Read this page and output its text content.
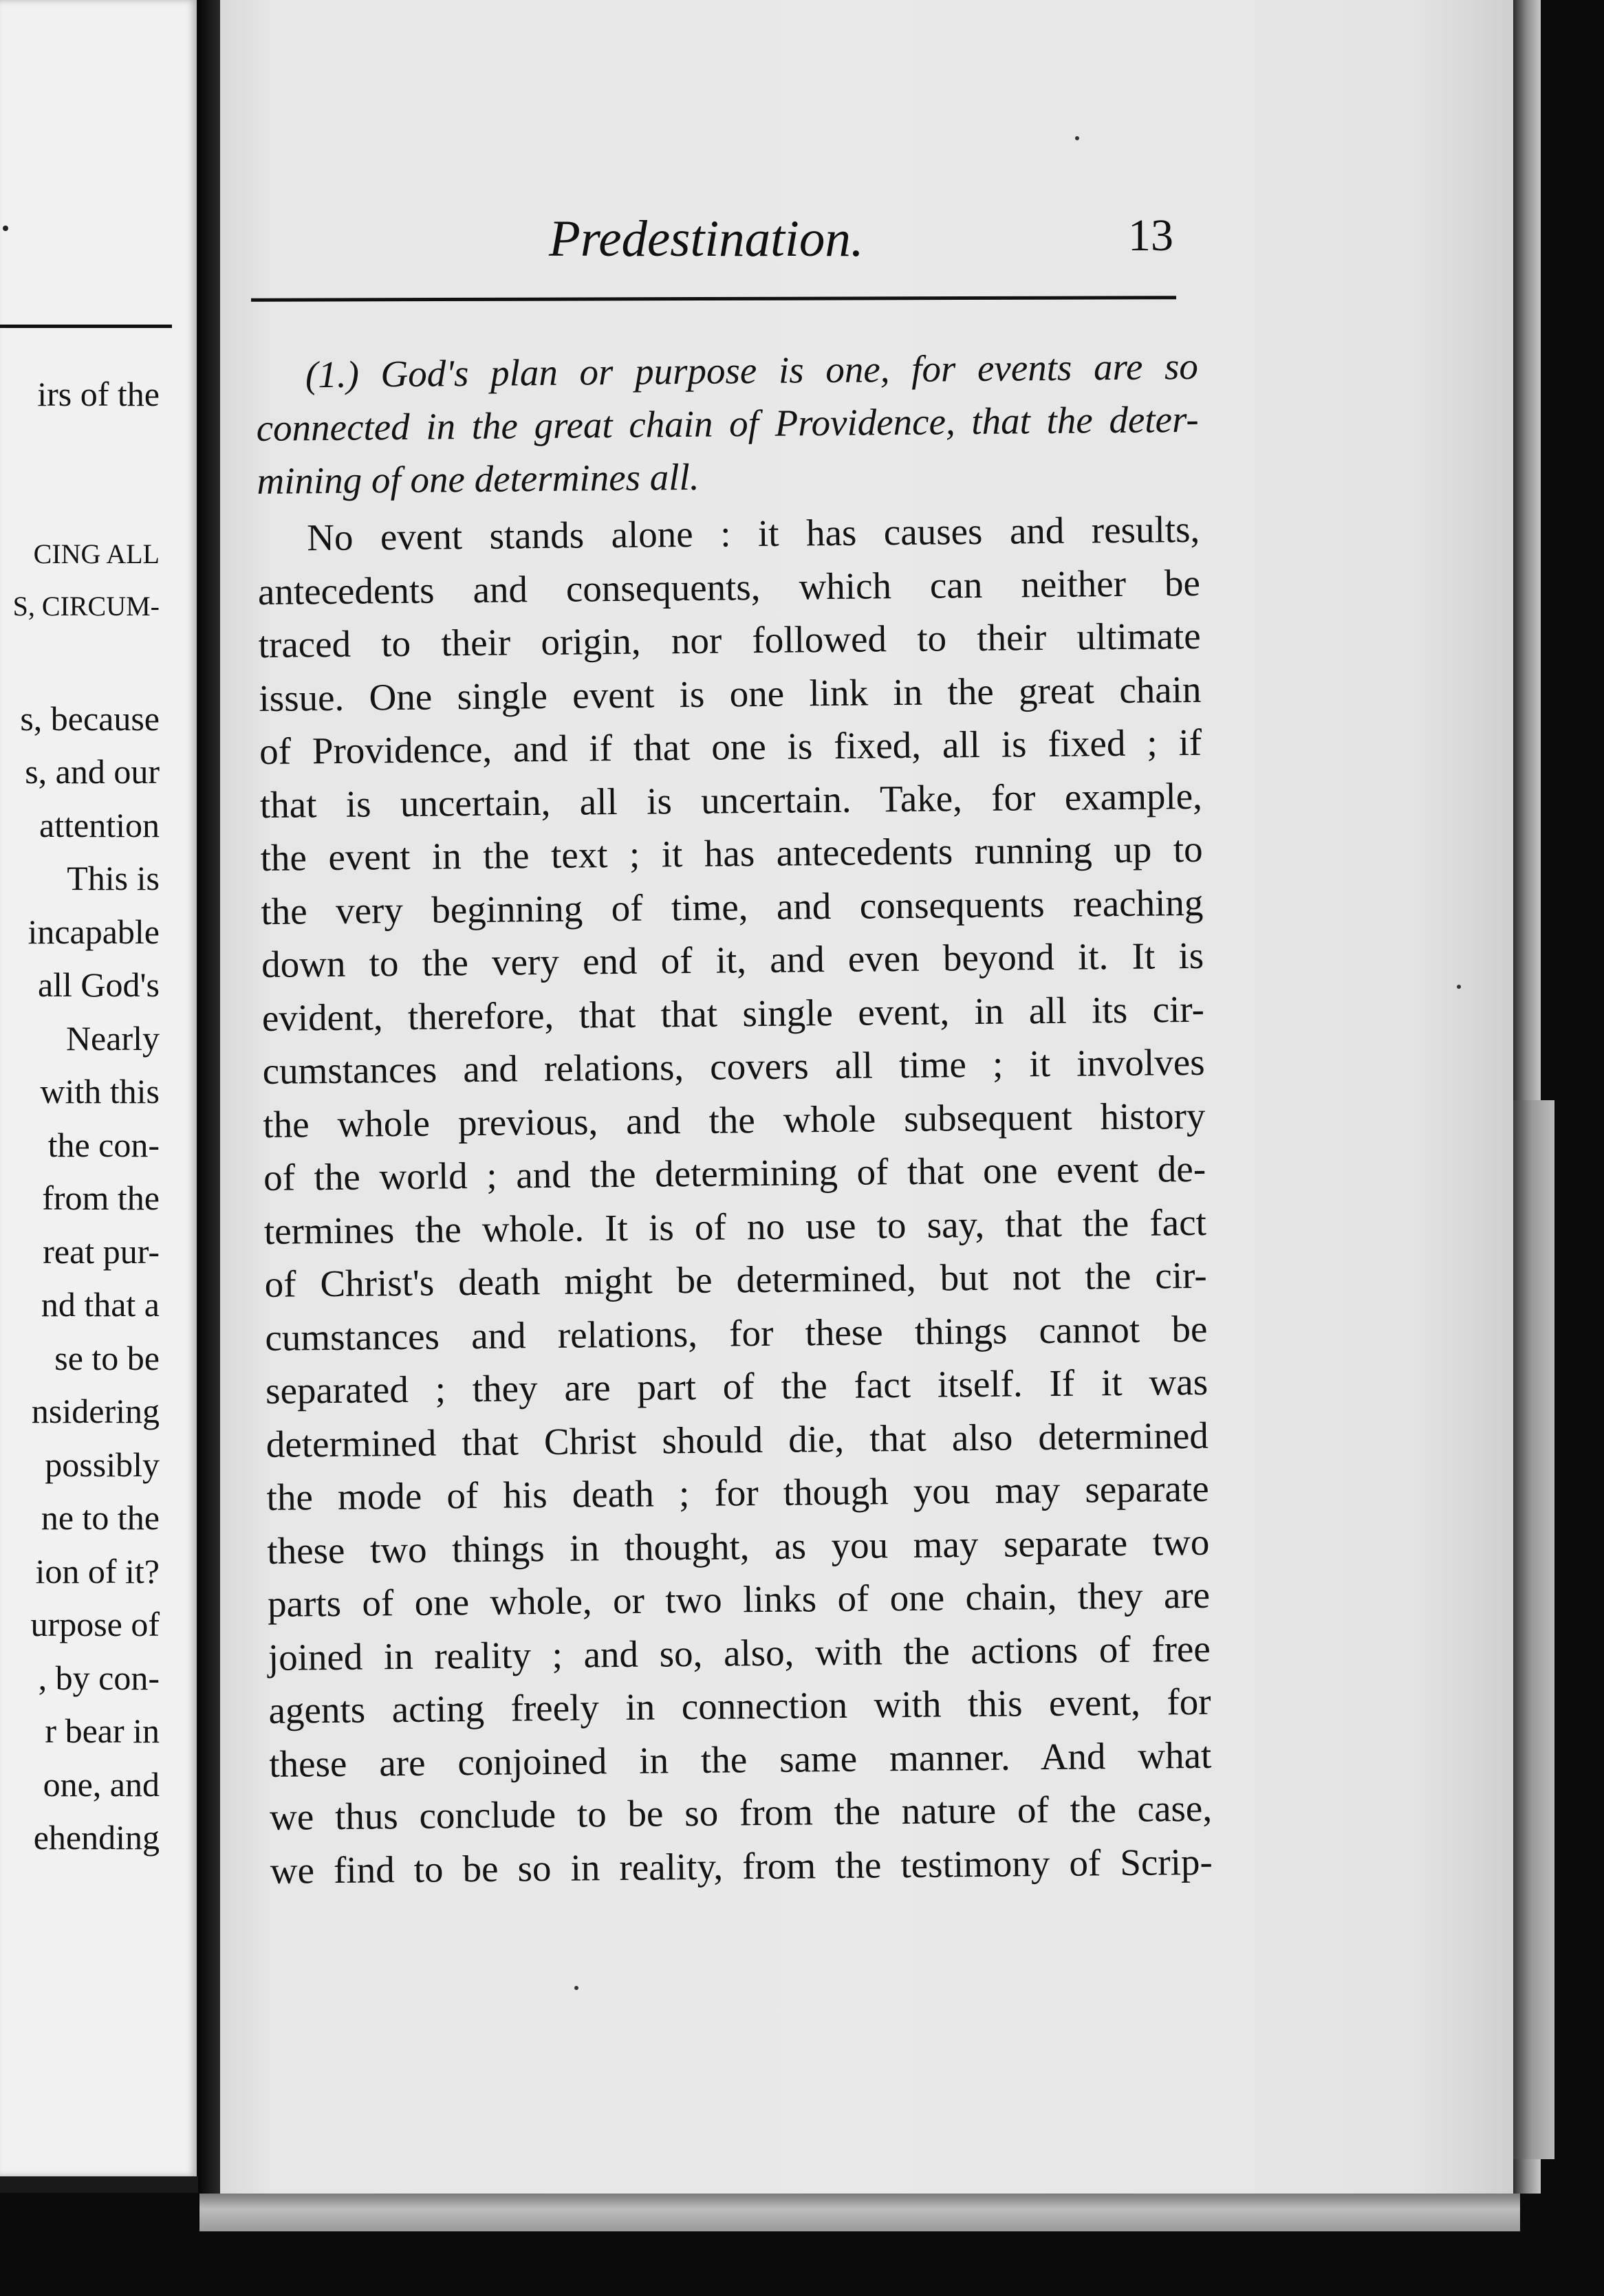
irs of the
CING ALL
S, CIRCUM-
s, because
s, and our
attention
This is
incapable
all God's
Nearly
with this
the con-
from the
reat pur-
nd that a
se to be
nsidering
possibly
ne to the
ion of it?
urpose of
, by con-
r bear in
one, and
ehending
Predestination.	13
(1.) God's plan or purpose is one, for events are so
connected in the great chain of Providence, that the deter-
mining of one determines all.
No event stands alone : it has causes and results,
antecedents and consequents, which can neither be
traced to their origin, nor followed to their ultimate
issue. One single event is one link in the great chain
of Providence, and if that one is fixed, all is fixed ; if
that is uncertain, all is uncertain. Take, for example,
the event in the text ; it has antecedents running up to
the very beginning of time, and consequents reaching
down to the very end of it, and even beyond it. It is
evident, therefore, that that single event, in all its cir-
cumstances and relations, covers all time ; it involves
the whole previous, and the whole subsequent history
of the world ; and the determining of that one event de-
termines the whole. It is of no use to say, that the fact
of Christ's death might be determined, but not the cir-
cumstances and relations, for these things cannot be
separated ; they are part of the fact itself. If it was
determined that Christ should die, that also determined
the mode of his death ; for though you may separate
these two things in thought, as you may separate two
parts of one whole, or two links of one chain, they are
joined in reality ; and so, also, with the actions of free
agents acting freely in connection with this event, for
these are conjoined in the same manner. And what
we thus conclude to be so from the nature of the case,
we find to be so in reality, from the testimony of Scrip-
